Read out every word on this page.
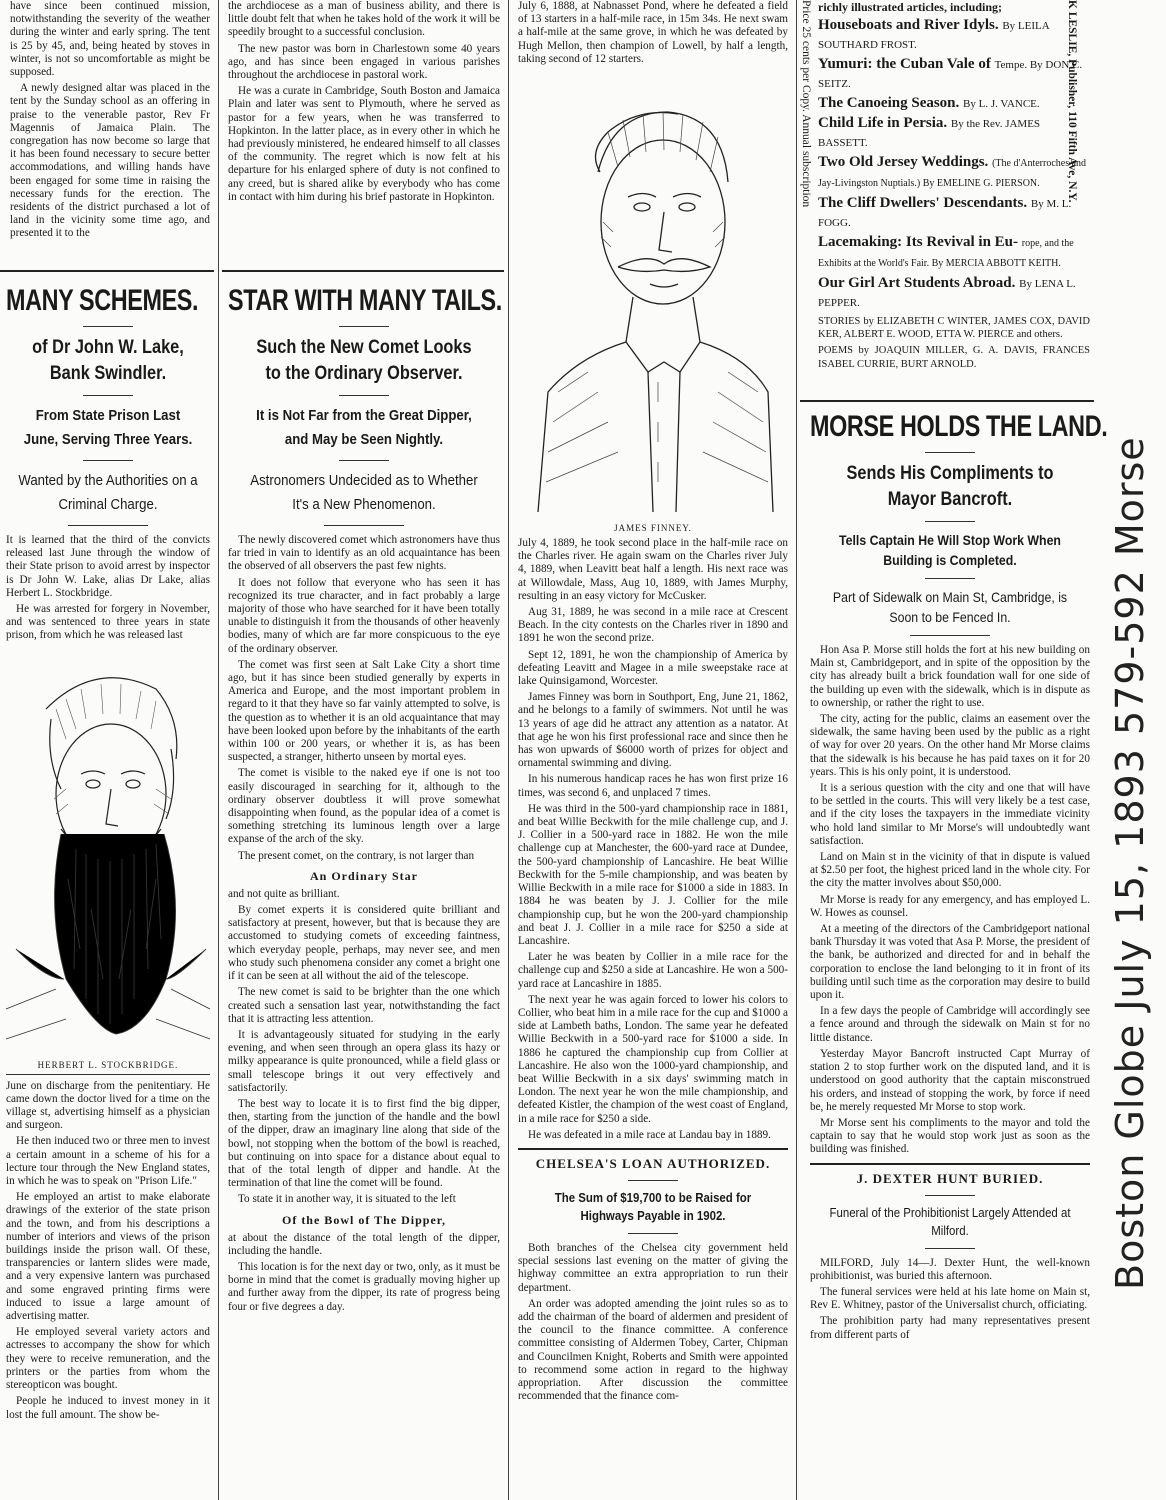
have since been continued mission, notwithstanding the severity of the weather during the winter and early spring. The tent is 25 by 45, and, being heated by stoves in winter, is not so uncomfortable as might be supposed.

A newly designed altar was placed in the tent by the Sunday school as an offering in praise to the venerable pastor, Rev Fr Magennis of Jamaica Plain. The congregation has now become so large that it has been found necessary to secure better accommodations, and willing hands have been engaged for some time in raising the necessary funds for the erection. The residents of the district purchased a lot of land in the vicinity some time ago, and presented it to the

MANY SCHEMES.
of Dr John W. Lake, Bank Swindler.
From State Prison Last June, Serving Three Years.
Wanted by the Authorities on a Criminal Charge.

It is learned that the third of the convicts released last June through the window of their State prison to avoid arrest by inspector is Dr John W. Lake, alias Dr Lake, alias Herbert L. Stockbridge.

He was arrested for forgery in November, and was sentenced to three years in state prison, from which he was released last

HERBERT L. STOCKBRIDGE.

June on discharge from the penitentiary. He came down the doctor lived for a time on the village st, advertising himself as a physician and surgeon.

He then induced two or three men to invest a certain amount in a scheme of his for a lecture tour through the New England states, in which he was to speak on "Prison Life."

He employed an artist to make elaborate drawings of the exterior of the state prison and the town, and from his descriptions a number of interiors and views of the prison buildings inside the prison wall. Of these, transparencies or lantern slides were made, and a very expensive lantern was purchased and some engraved printing firms were induced to issue a large amount of advertising matter.

He employed several variety actors and actresses to accompany the show for which they were to receive remuneration, and the printers or the parties from whom the stereopticon was bought.

People he induced to invest money in it lost the full amount. The show be-

the archdiocese as a man of business ability, and there is little doubt felt that when he takes hold of the work it will be speedily brought to a successful conclusion.

The new pastor was born in Charlestown some 40 years ago, and has since been engaged in various parishes throughout the archdiocese in pastoral work.

He was a curate in Cambridge, South Boston and Jamaica Plain and later was sent to Plymouth, where he served as pastor for a few years, when he was transferred to Hopkinton. In the latter place, as in every other in which he had previously ministered, he endeared himself to all classes of the community. The regret which is now felt at his departure for his enlarged sphere of duty is not confined to any creed, but is shared alike by everybody who has come in contact with him during his brief pastorate in Hopkinton.

STAR WITH MANY TAILS.
Such the New Comet Looks to the Ordinary Observer.
It is Not Far from the Great Dipper, and May be Seen Nightly.
Astronomers Undecided as to Whether It's a New Phenomenon.

The newly discovered comet which astronomers have thus far tried in vain to identify as an old acquaintance has been the observed of all observers the past few nights.

It does not follow that everyone who has seen it has recognized its true character, and in fact probably a large majority of those who have searched for it have been totally unable to distinguish it from the thousands of other heavenly bodies, many of which are far more conspicuous to the eye of the ordinary observer.

The comet was first seen at Salt Lake City a short time ago, but it has since been studied generally by experts in America and Europe, and the most important problem in regard to it that they have so far vainly attempted to solve, is the question as to whether it is an old acquaintance that may have been looked upon before by the inhabitants of the earth within 100 or 200 years, or whether it is, as has been suspected, a stranger, hitherto unseen by mortal eyes.

The comet is visible to the naked eye if one is not too easily discouraged in searching for it, although to the ordinary observer doubtless it will prove somewhat disappointing when found, as the popular idea of a comet is something stretching its luminous length over a large expanse of the arch of the sky.

The present comet, on the contrary, is not larger than

An Ordinary Star

and not quite as brilliant.

By comet experts it is considered quite brilliant and satisfactory at present, however, but that is because they are accustomed to studying comets of exceeding faintness, which everyday people, perhaps, may never see, and men who study such phenomena consider any comet a bright one if it can be seen at all without the aid of the telescope.

The new comet is said to be brighter than the one which created such a sensation last year, notwithstanding the fact that it is attracting less attention.

It is advantageously situated for studying in the early evening, and when seen through an opera glass its hazy or milky appearance is quite pronounced, while a field glass or small telescope brings it out very effectively and satisfactorily.

The best way to locate it is to first find the big dipper, then, starting from the junction of the handle and the bowl of the dipper, draw an imaginary line along that side of the bowl, not stopping when the bottom of the bowl is reached, but continuing on into space for a distance about equal to that of the total length of dipper and handle. At the termination of that line the comet will be found.

To state it in another way, it is situated to the left

Of the Bowl of The Dipper,

at about the distance of the total length of the dipper, including the handle.

This location is for the next day or two, only, as it must be borne in mind that the comet is gradually moving higher up and further away from the dipper, its rate of progress being four or five degrees a day.

July 6, 1888, at Nabnasset Pond, where he defeated a field of 13 starters in a half-mile race, in 15m 34s. He next swam a half-mile at the same grove, in which he was defeated by Hugh Mellon, then champion of Lowell, by half a length, taking second of 12 starters.

JAMES FINNEY.

July 4, 1889, he took second place in the half-mile race on the Charles river. He again swam on the Charles river July 4, 1889, when Leavitt beat half a length. His next race was at Willowdale, Mass, Aug 10, 1889, with James Murphy, resulting in an easy victory for McCusker.

Aug 31, 1889, he was second in a mile race at Crescent Beach. In the city contests on the Charles river in 1890 and 1891 he won the second prize.

Sept 12, 1891, he won the championship of America by defeating Leavitt and Magee in a mile sweepstake race at lake Quinsigamond, Worcester.

James Finney was born in Southport, Eng, June 21, 1862, and he belongs to a family of swimmers. Not until he was 13 years of age did he attract any attention as a natator. At that age he won his first professional race and since then he has won upwards of $6000 worth of prizes for object and ornamental swimming and diving.

In his numerous handicap races he has won first prize 16 times, was second 6, and unplaced 7 times.

He was third in the 500-yard championship race in 1881, and beat Willie Beckwith for the mile challenge cup, and J. J. Collier in a 500-yard race in 1882. He won the mile challenge cup at Manchester, the 600-yard race at Dundee, the 500-yard championship of Lancashire. He beat Willie Beckwith for the 5-mile championship, and was beaten by Willie Beckwith in a mile race for $1000 a side in 1883. In 1884 he was beaten by J. J. Collier for the mile championship cup, but he won the 200-yard championship and beat J. J. Collier in a mile race for $250 a side at Lancashire.

Later he was beaten by Collier in a mile race for the challenge cup and $250 a side at Lancashire. He won a 500-yard race at Lancashire in 1885.

The next year he was again forced to lower his colors to Collier, who beat him in a mile race for the cup and $1000 a side at Lambeth baths, London. The same year he defeated Willie Beckwith in a 500-yard race for $1000 a side. In 1886 he captured the championship cup from Collier at Lancashire. He also won the 1000-yard championship, and beat Willie Beckwith in a six days' swimming match in London. The next year he won the mile championship, and defeated Kistler, the champion of the west coast of England, in a mile race for $250 a side.

He was defeated in a mile race at Landau bay in 1889.

CHELSEA'S LOAN AUTHORIZED.
The Sum of $19,700 to be Raised for Highways Payable in 1902.

Both branches of the Chelsea city government held special sessions last evening on the matter of giving the highway committee an extra appropriation to run their department.

An order was adopted amending the joint rules so as to add the chairman of the board of aldermen and president of the council to the finance committee. A conference committee consisting of Aldermen Tobey, Carter, Chipman and Councilmen Knight, Roberts and Smith were appointed to recommend some action in regard to the highway appropriation. After discussion the committee recommended that the finance com-

richly illustrated articles, including;
Houseboats and River Idyls. By LEILA SOUTHARD FROST.
Yumuri: the Cuban Vale of Tempe. By DON C. SEITZ.
The Canoeing Season. By L. J. VANCE.
Child Life in Persia. By the Rev. JAMES BASSETT.
Two Old Jersey Weddings. (The d'Anterroches and Jay-Livingston Nuptials.) By EMELINE G. PIERSON.
The Cliff Dwellers' Descendants. By M. L. FOGG.
Lacemaking: Its Revival in Eu- rope, and the Exhibits at the World's Fair. By MERCIA ABBOTT KEITH.
Our Girl Art Students Abroad. By LENA L. PEPPER.

STORIES by ELIZABETH C WINTER, JAMES COX, DAVID KER, ALBERT E. WOOD, ETTA W. PIERCE and others.

POEMS by JOAQUIN MILLER, G. A. DAVIS, FRANCES ISABEL CURRIE, BURT ARNOLD.

Price 25 cents per Copy. Annual subscription	K LESLIE, Publisher, 110 Fifth Ave, N.Y.
MORSE HOLDS THE LAND.
Sends His Compliments to Mayor Bancroft.
Tells Captain He Will Stop Work When Building is Completed.
Part of Sidewalk on Main St, Cambridge, is Soon to be Fenced In.

Hon Asa P. Morse still holds the fort at his new building on Main st, Cambridgeport, and in spite of the opposition by the city has already built a brick foundation wall for one side of the building up even with the sidewalk, which is in dispute as to ownership, or rather the right to use.

The city, acting for the public, claims an easement over the sidewalk, the same having been used by the public as a right of way for over 20 years. On the other hand Mr Morse claims that the sidewalk is his because he has paid taxes on it for 20 years. This is his only point, it is understood.

It is a serious question with the city and one that will have to be settled in the courts. This will very likely be a test case, and if the city loses the taxpayers in the immediate vicinity who hold land similar to Mr Morse's will undoubtedly want satisfaction.

Land on Main st in the vicinity of that in dispute is valued at $2.50 per foot, the highest priced land in the whole city. For the city the matter involves about $50,000.

Mr Morse is ready for any emergency, and has employed L. W. Howes as counsel.

At a meeting of the directors of the Cambridgeport national bank Thursday it was voted that Asa P. Morse, the president of the bank, be authorized and directed for and in behalf the corporation to enclose the land belonging to it in front of its building until such time as the corporation may desire to build upon it.

In a few days the people of Cambridge will accordingly see a fence around and through the sidewalk on Main st for no little distance.

Yesterday Mayor Bancroft instructed Capt Murray of station 2 to stop further work on the disputed land, and it is understood on good authority that the captain misconstrued his orders, and instead of stopping the work, by force if need be, he merely requested Mr Morse to stop work.

Mr Morse sent his compliments to the mayor and told the captain to say that he would stop work just as soon as the building was finished.

J. DEXTER HUNT BURIED.
Funeral of the Prohibitionist Largely Attended at Milford.

MILFORD, July 14—J. Dexter Hunt, the well-known prohibitionist, was buried this afternoon.

The funeral services were held at his late home on Main st, Rev E. Whitney, pastor of the Universalist church, officiating.

The prohibition party had many representatives present from different parts of

Boston Globe July 15, 1893 579-592 Morse
